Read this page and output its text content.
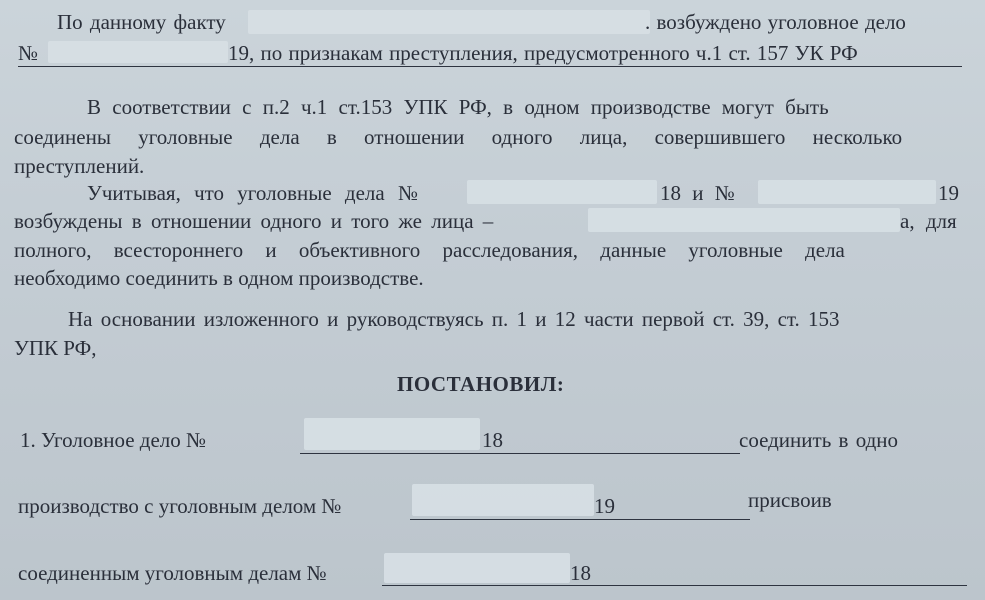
По данному факту	. возбуждено уголовное дело
№	19, по признакам преступления, предусмотренного ч.1 ст. 157 УК РФ
В соответствии с п.2 ч.1 ст.153 УПК РФ, в одном производстве могут быть
соединены уголовные дела в отношении одного лица, совершившего несколько
преступлений.
Учитывая, что уголовные дела №	18 и №	19
возбуждены в отношении одного и того же лица –	а, для
полного, всестороннего и объективного расследования, данные уголовные дела
необходимо соединить в одном производстве.
На основании изложенного и руководствуясь п. 1 и 12 части первой ст. 39, ст. 153
УПК РФ,
ПОСТАНОВИЛ:
1. Уголовное дело №	18	соединить в одно
производство с уголовным делом №	19	присвоив
соединенным уголовным делам №	18
